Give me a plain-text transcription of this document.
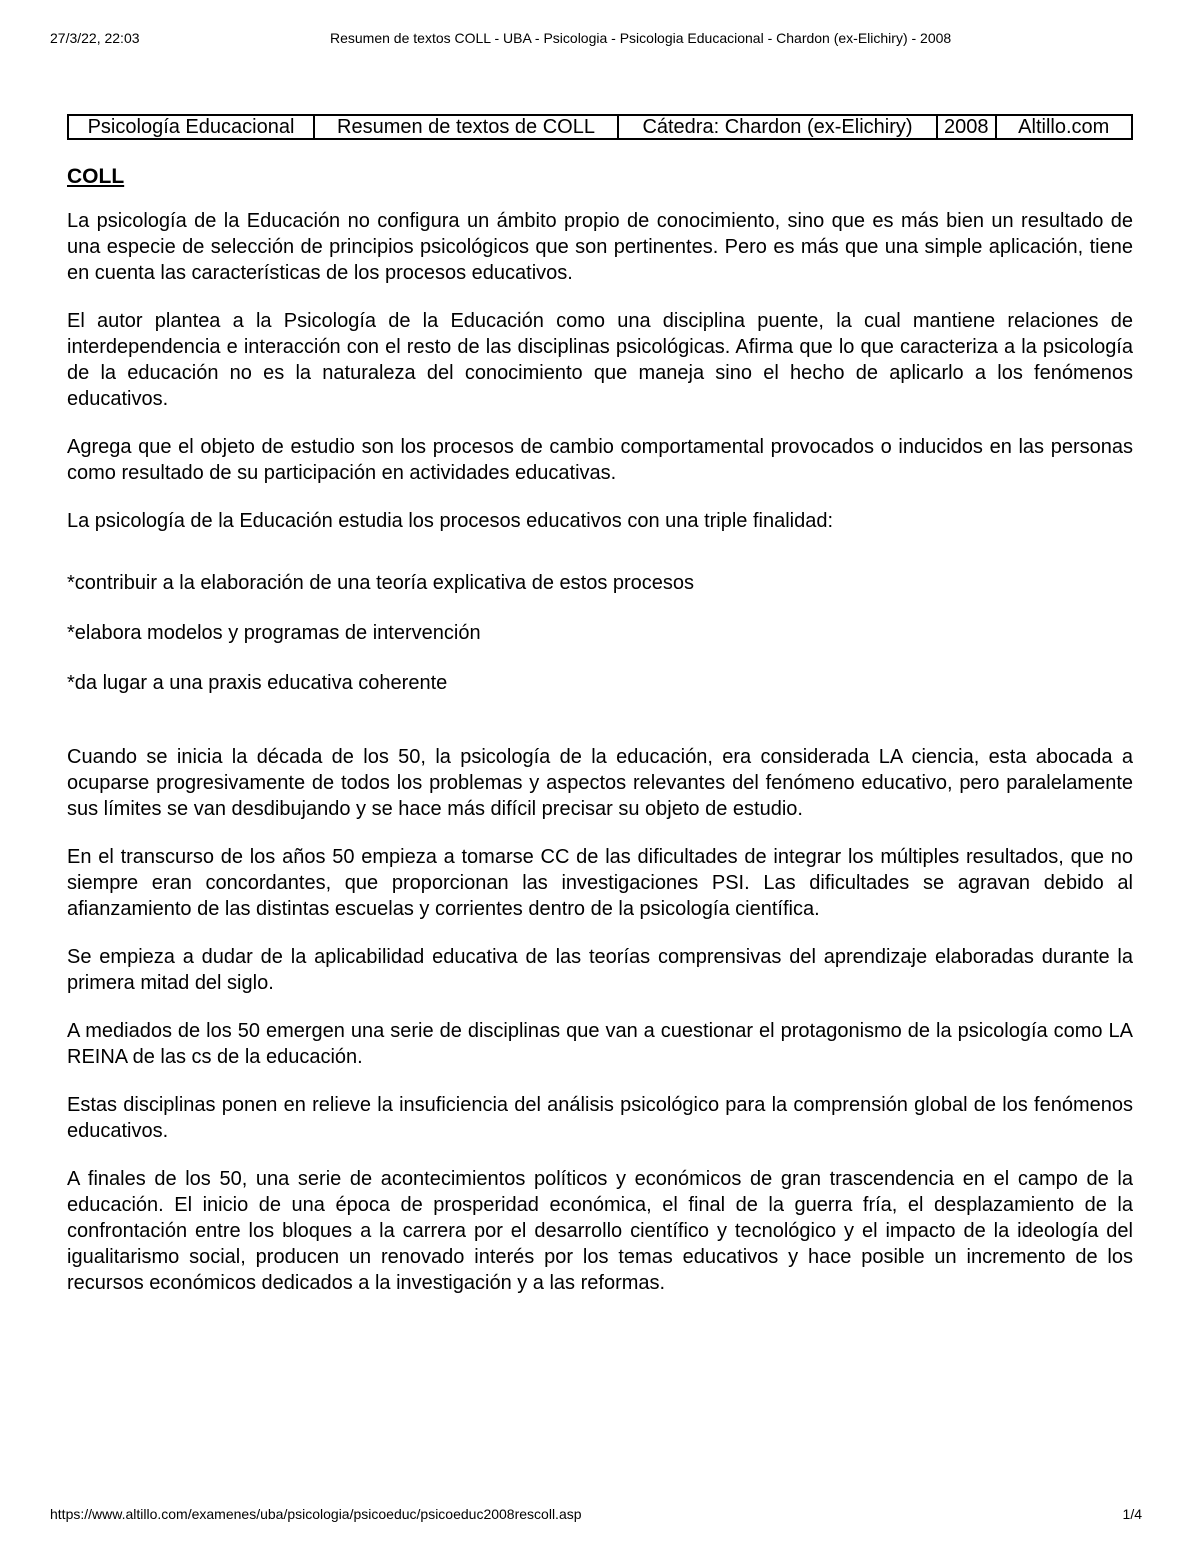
27/3/22, 22:03	Resumen de textos COLL - UBA - Psicologia - Psicologia Educacional - Chardon (ex-Elichiry) - 2008
Psicología Educacional	Resumen de textos de COLL	Cátedra: Chardon (ex-Elichiry)	2008	Altillo.com
COLL

La psicología de la Educación no configura un ámbito propio de conocimiento, sino que es más bien un resultado de una especie de selección de principios psicológicos que son pertinentes. Pero es más que una simple aplicación, tiene en cuenta las características de los procesos educativos.

El autor plantea a la Psicología de la Educación como una disciplina puente, la cual mantiene relaciones de interdependencia e interacción con el resto de las disciplinas psicológicas. Afirma que lo que caracteriza a la psicología de la educación no es la naturaleza del conocimiento que maneja sino el hecho de aplicarlo a los fenómenos educativos.

Agrega que el objeto de estudio son los procesos de cambio comportamental provocados o inducidos en las personas como resultado de su participación en actividades educativas.

La psicología de la Educación estudia los procesos educativos con una triple finalidad:

*contribuir a la elaboración de una teoría explicativa de estos procesos

*elabora modelos y programas de intervención

*da lugar a una praxis educativa coherente

Cuando se inicia la década de los 50, la psicología de la educación, era considerada LA ciencia, esta abocada a ocuparse progresivamente de todos los problemas y aspectos relevantes del fenómeno educativo, pero paralelamente sus límites se van desdibujando y se hace más difícil precisar su objeto de estudio.

En el transcurso de los años 50 empieza a tomarse CC de las dificultades de integrar los múltiples resultados, que no siempre eran concordantes, que proporcionan las investigaciones PSI. Las dificultades se agravan debido al afianzamiento de las distintas escuelas y corrientes dentro de la psicología científica.

Se empieza a dudar de la aplicabilidad educativa de las teorías comprensivas del aprendizaje elaboradas durante la primera mitad del siglo.

A mediados de los 50 emergen una serie de disciplinas que van a cuestionar el protagonismo de la psicología como LA REINA de las cs de la educación.

Estas disciplinas ponen en relieve la insuficiencia del análisis psicológico para la comprensión global de los fenómenos educativos.

A finales de los 50, una serie de acontecimientos políticos y económicos de gran trascendencia en el campo de la educación. El inicio de una época de prosperidad económica, el final de la guerra fría, el desplazamiento de la confrontación entre los bloques a la carrera por el desarrollo científico y tecnológico y el impacto de la ideología del igualitarismo social, producen un renovado interés por los temas educativos y hace posible un incremento de los recursos económicos dedicados a la investigación y a las reformas.

https://www.altillo.com/examenes/uba/psicologia/psicoeduc/psicoeduc2008rescoll.asp	1/4
